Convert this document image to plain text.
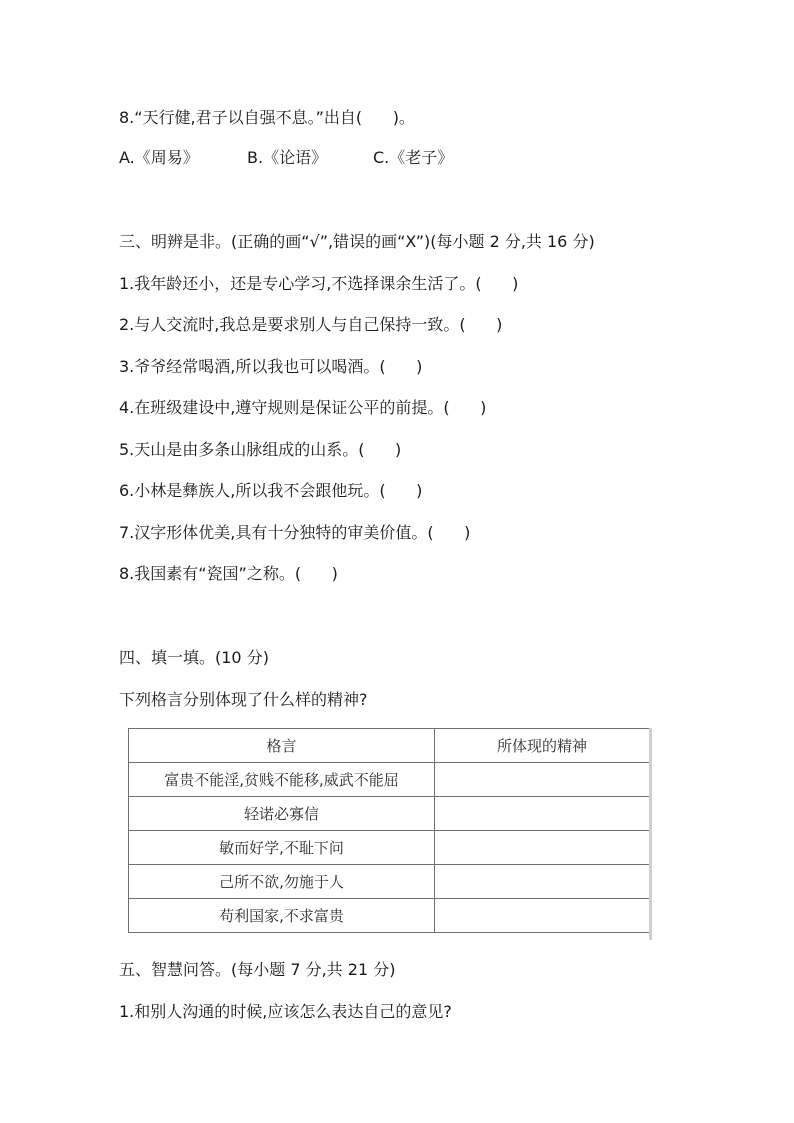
8.“天行健,君子以自强不息。”出自(      )。
A.《周易》	B.《论语》	C.《老子》
三、明辨是非。(正确的画“√”,错误的画“X”)(每小题 2 分,共 16 分)
1.我年龄还小，还是专心学习,不选择课余生活了。(      )
2.与人交流时,我总是要求别人与自己保持一致。(      )
3.爷爷经常喝酒,所以我也可以喝酒。(      )
4.在班级建设中,遵守规则是保证公平的前提。(      )
5.天山是由多条山脉组成的山系。(      )
6.小林是彝族人,所以我不会跟他玩。(      )
7.汉字形体优美,具有十分独特的审美价值。(      )
8.我国素有“瓷国”之称。(      )
四、填一填。(10 分)
下列格言分别体现了什么样的精神?
格言	所体现的精神
富贵不能淫,贫贱不能移,威武不能屈	
轻诺必寡信	
敏而好学,不耻下问	
己所不欲,勿施于人	
苟利国家,不求富贵	
五、智慧问答。(每小题 7 分,共 21 分)
1.和别人沟通的时候,应该怎么表达自己的意见?
